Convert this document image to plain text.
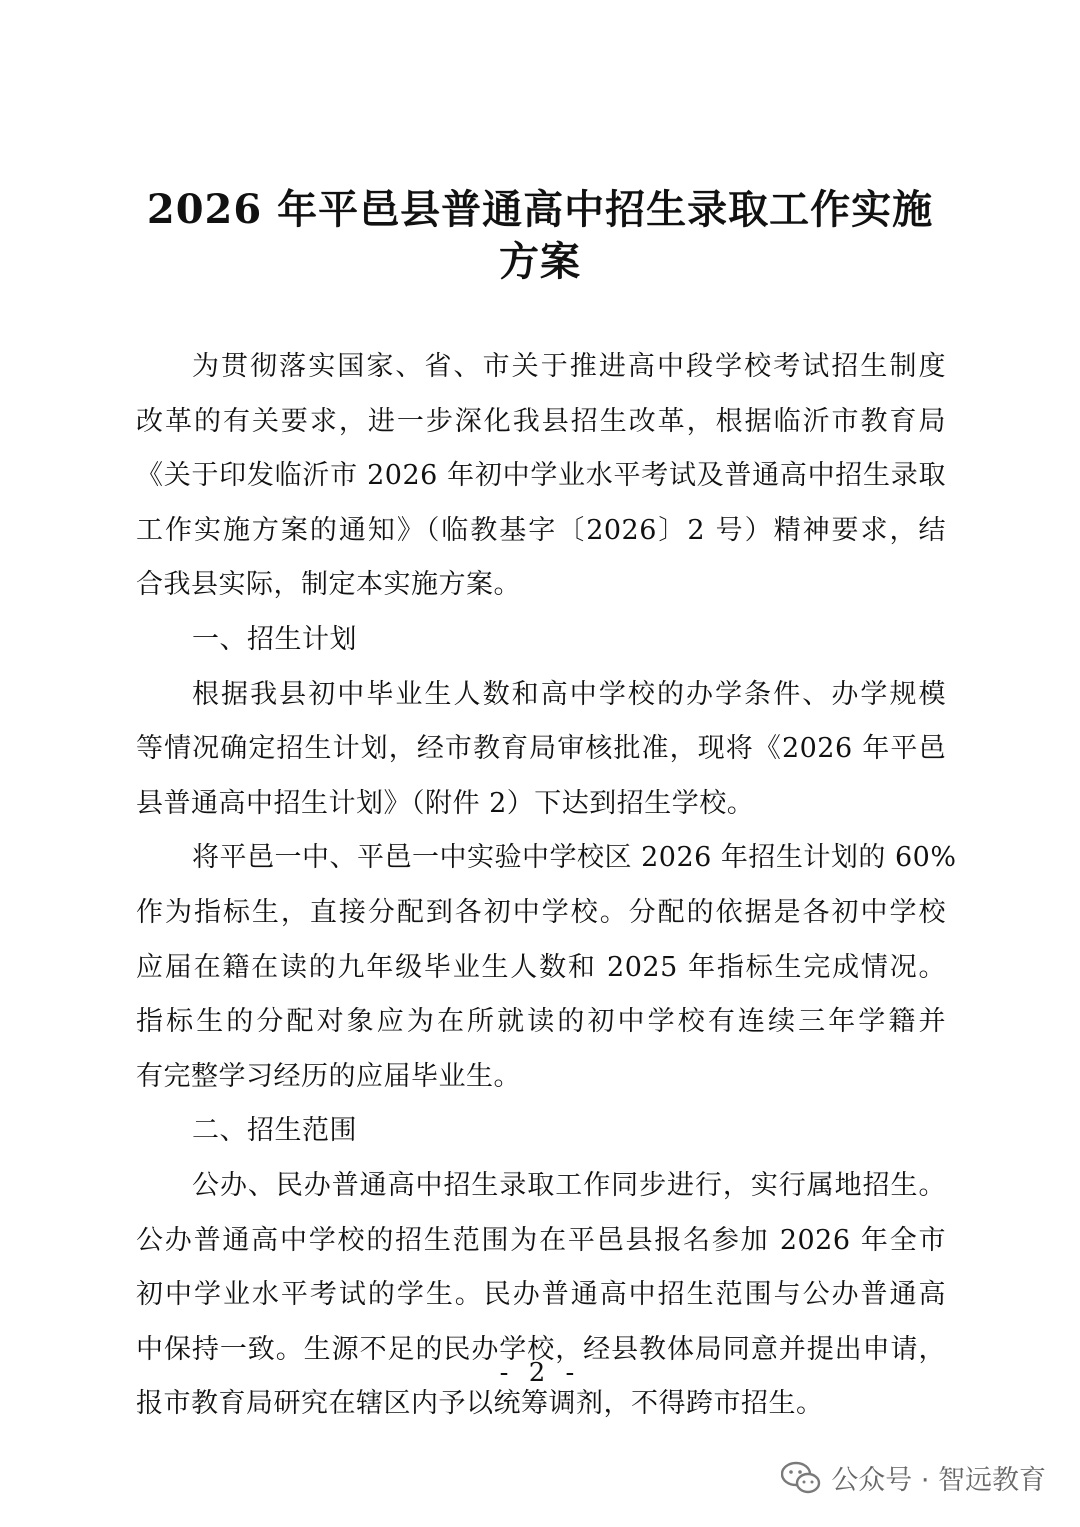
2026 年平邑县普通高中招生录取工作实施
方案
为贯彻落实国家、省、市关于推进高中段学校考试招生制度
改革的有关要求，进一步深化我县招生改革，根据临沂市教育局
《关于印发临沂市 2026 年初中学业水平考试及普通高中招生录取
工作实施方案的通知》（临教基字〔2026〕2 号）精神要求，结
合我县实际，制定本实施方案。
一、招生计划
根据我县初中毕业生人数和高中学校的办学条件、办学规模
等情况确定招生计划，经市教育局审核批准，现将《2026 年平邑
县普通高中招生计划》（附件 2）下达到招生学校。
将平邑一中、平邑一中实验中学校区 2026 年招生计划的 60%
作为指标生，直接分配到各初中学校。分配的依据是各初中学校
应届在籍在读的九年级毕业生人数和 2025 年指标生完成情况。
指标生的分配对象应为在所就读的初中学校有连续三年学籍并
有完整学习经历的应届毕业生。
二、招生范围
公办、民办普通高中招生录取工作同步进行，实行属地招生。
公办普通高中学校的招生范围为在平邑县报名参加 2026 年全市
初中学业水平考试的学生。民办普通高中招生范围与公办普通高
中保持一致。生源不足的民办学校，经县教体局同意并提出申请，
报市教育局研究在辖区内予以统筹调剂，不得跨市招生。
- 2 -
公众号 · 智远教育
